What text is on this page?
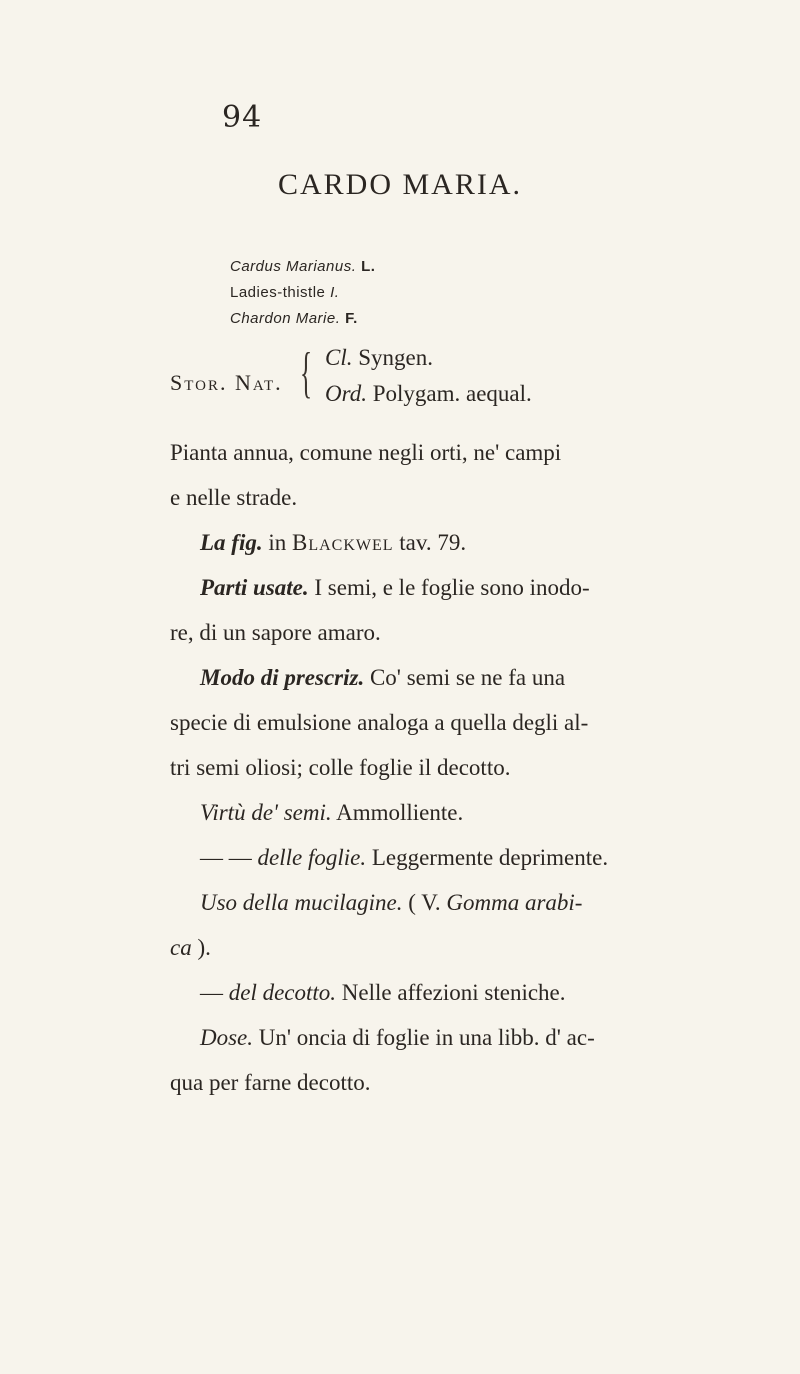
94
CARDO MARIA.
Cardus Marianus. L.
Ladies-thistle I.
Chardon Marie. F.
Stor. Nat. { Cl. Syngen.
Ord. Polygam. aequal.
Pianta annua, comune negli orti, ne' campi
e nelle strade.
La fig. in Blackwel tav. 79.
Parti usate. I semi, e le foglie sono inodo-
re, di un sapore amaro.
Modo di prescriz. Co' semi se ne fa una
specie di emulsione analoga a quella degli al-
tri semi oliosi; colle foglie il decotto.
Virtù de' semi. Ammolliente.
— — delle foglie. Leggermente deprimente.
Uso della mucilagine. ( V. Gomma arabi-
ca ).
— del decotto. Nelle affezioni steniche.
Dose. Un' oncia di foglie in una libb. d' ac-
qua per farne decotto.
